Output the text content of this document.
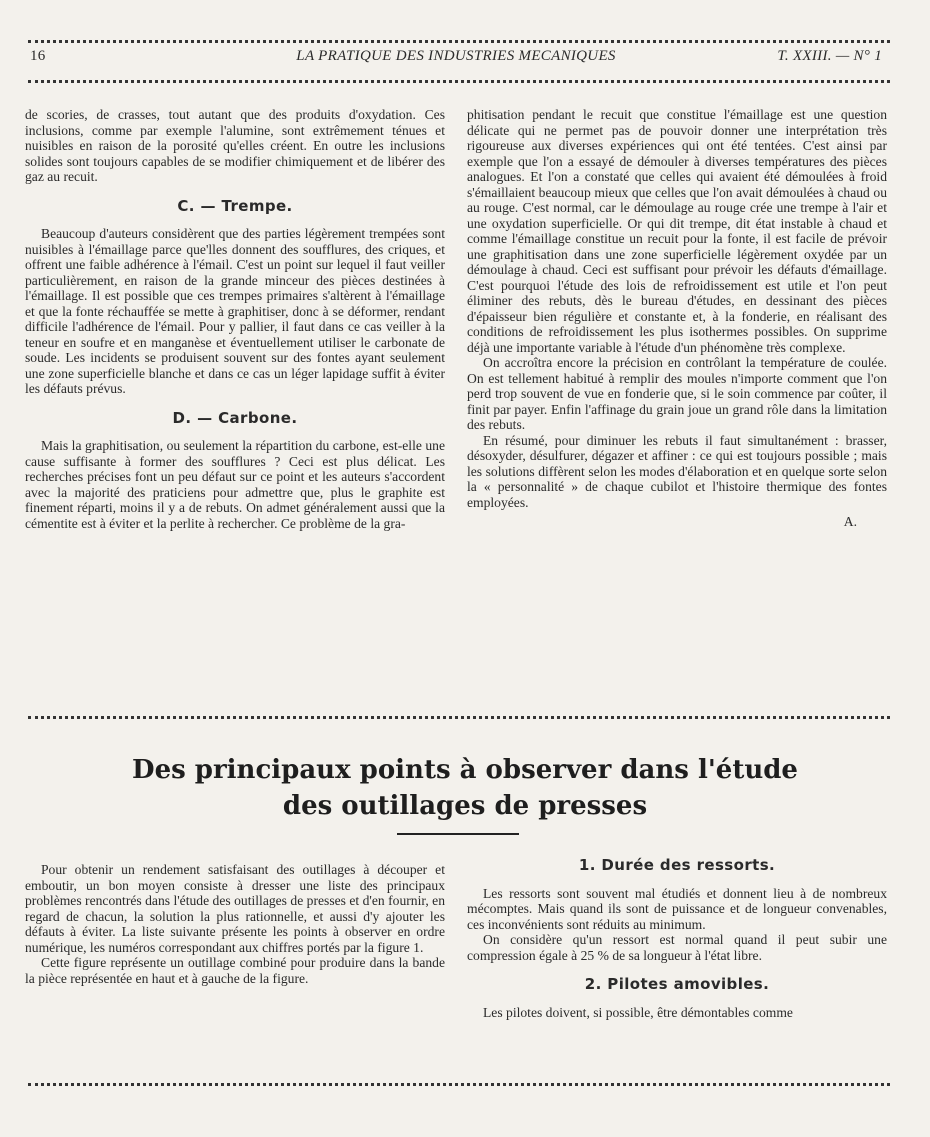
16	LA PRATIQUE DES INDUSTRIES MECANIQUES	T. XXIII. — N° 1

de scories, de crasses, tout autant que des produits d'oxydation. Ces inclusions, comme par exemple l'alumine, sont extrêmement ténues et nuisibles en raison de la porosité qu'elles créent. En outre les inclusions solides sont toujours capables de se modifier chimiquement et de libérer des gaz au recuit.

C. — Trempe.

Beaucoup d'auteurs considèrent que des parties légèrement trempées sont nuisibles à l'émaillage parce que'lles donnent des soufflures, des criques, et offrent une faible adhérence à l'émail. C'est un point sur lequel il faut veiller particulièrement, en raison de la grande minceur des pièces destinées à l'émaillage. Il est possible que ces trempes primaires s'altèrent à l'émaillage et que la fonte réchauffée se mette à graphitiser, donc à se déformer, rendant difficile l'adhérence de l'émail. Pour y pallier, il faut dans ce cas veiller à la teneur en soufre et en manganèse et éventuellement utiliser le carbonate de soude. Les incidents se produisent souvent sur des fontes ayant seulement une zone superficielle blanche et dans ce cas un léger lapidage suffit à éviter les défauts prévus.

D. — Carbone.

Mais la graphitisation, ou seulement la répartition du carbone, est-elle une cause suffisante à former des soufflures ? Ceci est plus délicat. Les recherches précises font un peu défaut sur ce point et les auteurs s'accordent avec la majorité des praticiens pour admettre que, plus le graphite est finement réparti, moins il y a de rebuts. On admet généralement aussi que la cémentite est à éviter et la perlite à rechercher. Ce problème de la gra-

phitisation pendant le recuit que constitue l'émaillage est une question délicate qui ne permet pas de pouvoir donner une interprétation très rigoureuse aux diverses expériences qui ont été tentées. C'est ainsi par exemple que l'on a essayé de démouler à diverses températures des pièces analogues. Et l'on a constaté que celles qui avaient été démoulées à froid s'émaillaient beaucoup mieux que celles que l'on avait démoulées à chaud ou au rouge. C'est normal, car le démoulage au rouge crée une trempe à l'air et une oxydation superficielle. Or qui dit trempe, dit état instable à chaud et comme l'émaillage constitue un recuit pour la fonte, il est facile de prévoir une graphitisation dans une zone superficielle légèrement oxydée par un démoulage à chaud. Ceci est suffisant pour prévoir les défauts d'émaillage. C'est pourquoi l'étude des lois de refroidissement est utile et l'on peut éliminer des rebuts, dès le bureau d'études, en dessinant des pièces d'épaisseur bien régulière et constante et, à la fonderie, en réalisant des conditions de refroidissement les plus isothermes possibles. On supprime déjà une importante variable à l'étude d'un phénomène très complexe.

On accroîtra encore la précision en contrôlant la température de coulée. On est tellement habitué à remplir des moules n'importe comment que l'on perd trop souvent de vue en fonderie que, si le soin commence par coûter, il finit par payer. Enfin l'affinage du grain joue un grand rôle dans la limitation des rebuts.

En résumé, pour diminuer les rebuts il faut simultanément : brasser, désoxyder, désulfurer, dégazer et affiner : ce qui est toujours possible ; mais les solutions diffèrent selon les modes d'élaboration et en quelque sorte selon la « personnalité » de chaque cubilot et l'histoire thermique des fontes employées.

A.
Des principaux points à observer dans l'étude
des outillages de presses

Pour obtenir un rendement satisfaisant des outillages à découper et emboutir, un bon moyen consiste à dresser une liste des principaux problèmes rencontrés dans l'étude des outillages de presses et d'en fournir, en regard de chacun, la solution la plus rationnelle, et aussi d'y ajouter les défauts à éviter. La liste suivante présente les points à observer en ordre numérique, les numéros correspondant aux chiffres portés par la figure 1.

Cette figure représente un outillage combiné pour produire dans la bande la pièce représentée en haut et à gauche de la figure.

1. Durée des ressorts.

Les ressorts sont souvent mal étudiés et donnent lieu à de nombreux mécomptes. Mais quand ils sont de puissance et de longueur convenables, ces inconvénients sont réduits au minimum.

On considère qu'un ressort est normal quand il peut subir une compression égale à 25 % de sa longueur à l'état libre.

2. Pilotes amovibles.

Les pilotes doivent, si possible, être démontables comme
